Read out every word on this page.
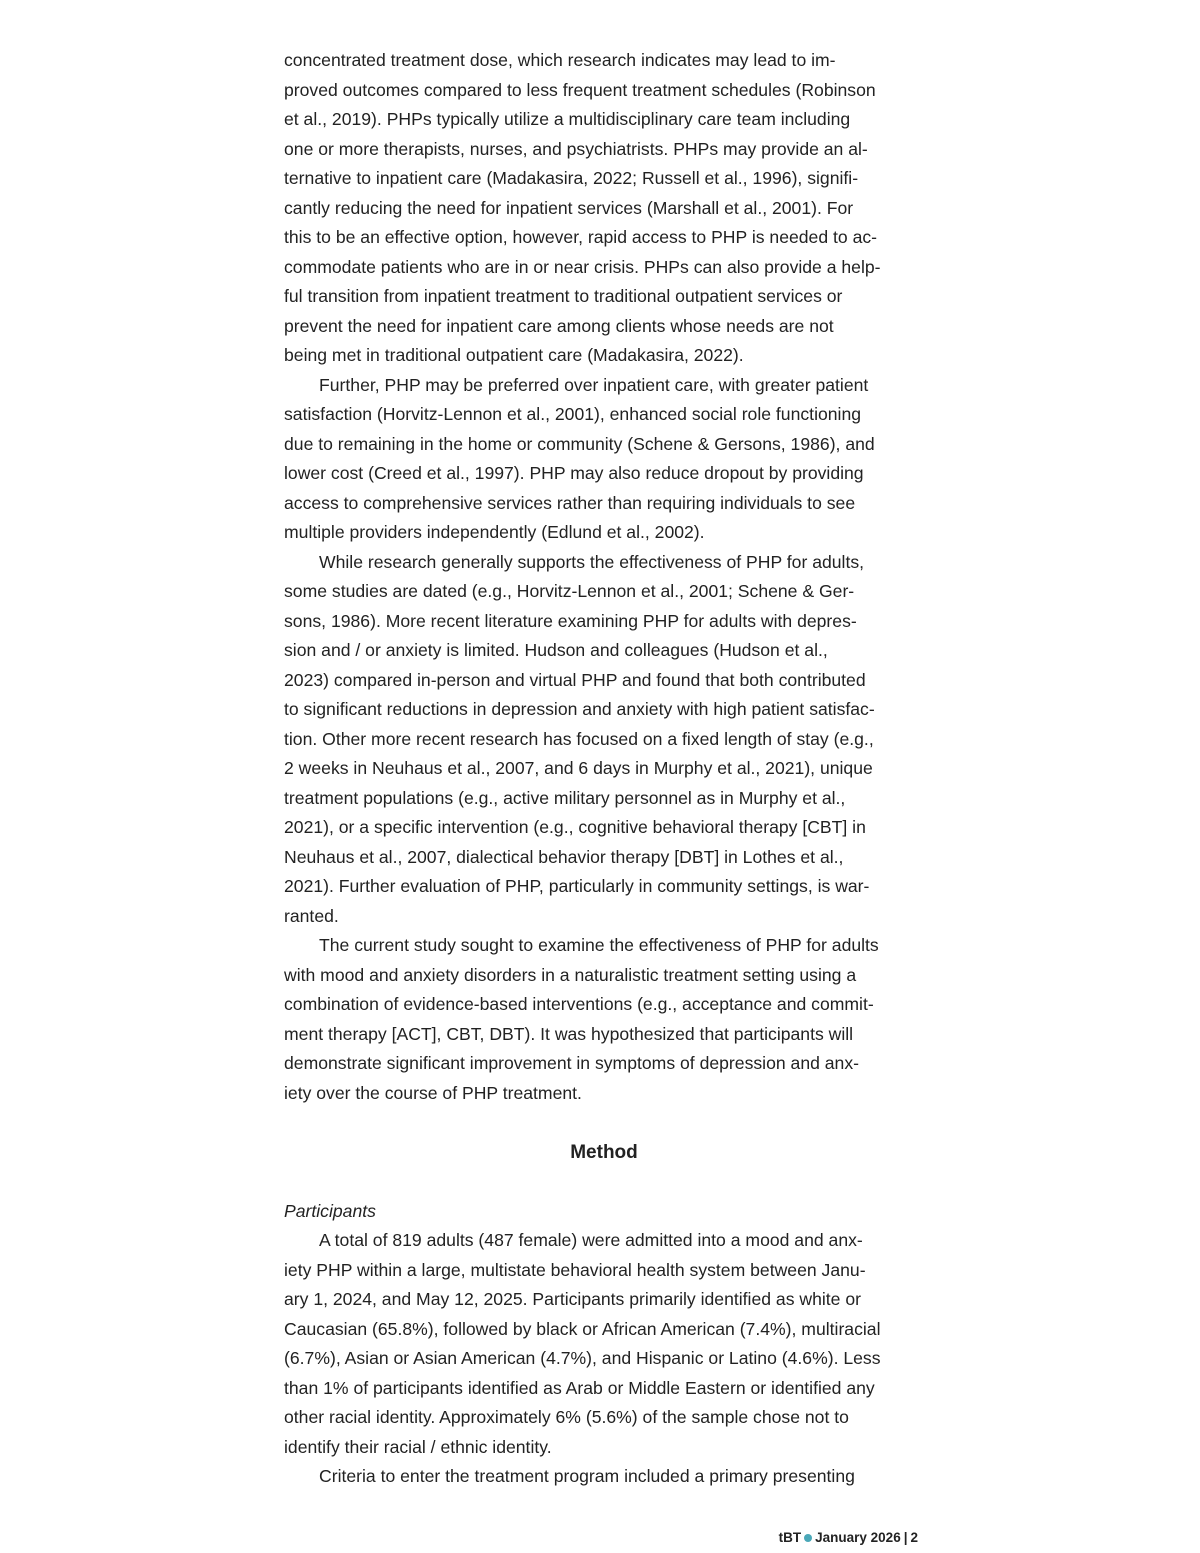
concentrated treatment dose, which research indicates may lead to im-
proved outcomes compared to less frequent treatment schedules (Robinson
et al., 2019). PHPs typically utilize a multidisciplinary care team including
one or more therapists, nurses, and psychiatrists. PHPs may provide an al-
ternative to inpatient care (Madakasira, 2022; Russell et al., 1996), signifi-
cantly reducing the need for inpatient services (Marshall et al., 2001). For
this to be an effective option, however, rapid access to PHP is needed to ac-
commodate patients who are in or near crisis. PHPs can also provide a help-
ful transition from inpatient treatment to traditional outpatient services or
prevent the need for inpatient care among clients whose needs are not
being met in traditional outpatient care (Madakasira, 2022).
Further, PHP may be preferred over inpatient care, with greater patient
satisfaction (Horvitz-Lennon et al., 2001), enhanced social role functioning
due to remaining in the home or community (Schene & Gersons, 1986), and
lower cost (Creed et al., 1997). PHP may also reduce dropout by providing
access to comprehensive services rather than requiring individuals to see
multiple providers independently (Edlund et al., 2002).
While research generally supports the effectiveness of PHP for adults,
some studies are dated (e.g., Horvitz-Lennon et al., 2001; Schene & Ger-
sons, 1986). More recent literature examining PHP for adults with depres-
sion and / or anxiety is limited. Hudson and colleagues (Hudson et al.,
2023) compared in-person and virtual PHP and found that both contributed
to significant reductions in depression and anxiety with high patient satisfac-
tion. Other more recent research has focused on a fixed length of stay (e.g.,
2 weeks in Neuhaus et al., 2007, and 6 days in Murphy et al., 2021), unique
treatment populations (e.g., active military personnel as in Murphy et al.,
2021), or a specific intervention (e.g., cognitive behavioral therapy [CBT] in
Neuhaus et al., 2007, dialectical behavior therapy [DBT] in Lothes et al.,
2021). Further evaluation of PHP, particularly in community settings, is war-
ranted.
The current study sought to examine the effectiveness of PHP for adults
with mood and anxiety disorders in a naturalistic treatment setting using a
combination of evidence-based interventions (e.g., acceptance and commit-
ment therapy [ACT], CBT, DBT). It was hypothesized that participants will
demonstrate significant improvement in symptoms of depression and anx-
iety over the course of PHP treatment.
Method
Participants
A total of 819 adults (487 female) were admitted into a mood and anx-
iety PHP within a large, multistate behavioral health system between Janu-
ary 1, 2024, and May 12, 2025. Participants primarily identified as white or
Caucasian (65.8%), followed by black or African American (7.4%), multiracial
(6.7%), Asian or Asian American (4.7%), and Hispanic or Latino (4.6%). Less
than 1% of participants identified as Arab or Middle Eastern or identified any
other racial identity. Approximately 6% (5.6%) of the sample chose not to
identify their racial / ethnic identity.
Criteria to enter the treatment program included a primary presenting
tBT January 2026 | 2
